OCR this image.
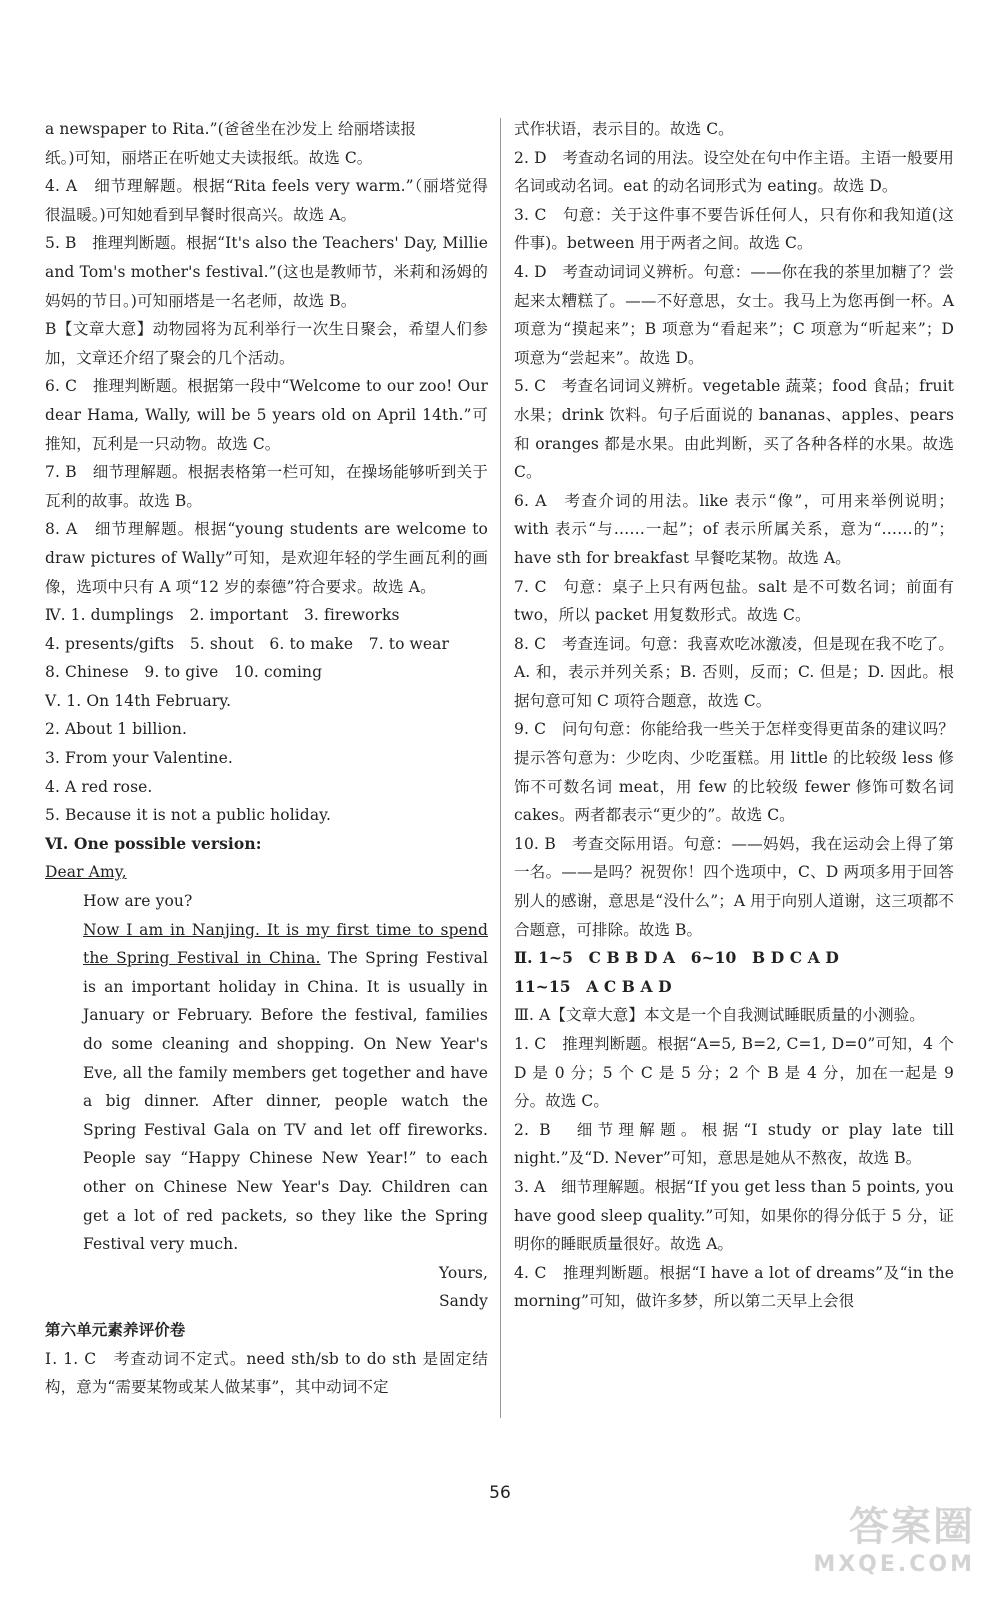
a newspaper to Rita.”(爸爸坐在沙发上 给丽塔读报

纸。)可知，丽塔正在听她丈夫读报纸。故选 C。

4. A　细节理解题。根据“Rita feels very warm.”（丽塔觉得很温暖。)可知她看到早餐时很高兴。故选 A。

5. B　推理判断题。根据“It's also the Teachers' Day, Millie and Tom's mother's festival.”(这也是教师节，米莉和汤姆的妈妈的节日。)可知丽塔是一名老师，故选 B。

B【文章大意】动物园将为瓦利举行一次生日聚会，希望人们参加，文章还介绍了聚会的几个活动。

6. C　推理判断题。根据第一段中“Welcome to our zoo! Our dear Hama, Wally, will be 5 years old on April 14th.”可推知，瓦利是一只动物。故选 C。

7. B　细节理解题。根据表格第一栏可知，在操场能够听到关于瓦利的故事。故选 B。

8. A　细节理解题。根据“young students are welcome to draw pictures of Wally”可知，是欢迎年轻的学生画瓦利的画像，选项中只有 A 项“12 岁的泰德”符合要求。故选 A。

Ⅳ. 1. dumplings　2. important　3. fireworks
4. presents/gifts　5. shout　6. to make　7. to wear
8. Chinese　9. to give　10. coming
Ⅴ. 1. On 14th February.
2. About 1 billion.
3. From your Valentine.
4. A red rose.
5. Because it is not a public holiday.
Ⅵ. One possible version:
Dear Amy,
How are you?

Now I am in Nanjing. It is my first time to spend the Spring Festival in China. The Spring Festival is an important holiday in China. It is usually in January or February. Before the festival, families do some cleaning and shopping. On New Year's Eve, all the family members get together and have a big dinner. After dinner, people watch the Spring Festival Gala on TV and let off fireworks. People say “Happy Chinese New Year!” to each other on Chinese New Year's Day. Children can get a lot of red packets, so they like the Spring Festival very much.

Yours,

Sandy

第六单元素养评价卷

Ⅰ. 1. C　考查动词不定式。need sth/sb to do sth 是固定结构，意为“需要某物或某人做某事”，其中动词不定

式作状语，表示目的。故选 C。

2. D　考查动名词的用法。设空处在句中作主语。主语一般要用名词或动名词。eat 的动名词形式为 eating。故选 D。

3. C　句意：关于这件事不要告诉任何人，只有你和我知道(这件事)。between 用于两者之间。故选 C。

4. D　考查动词词义辨析。句意：——你在我的茶里加糖了？尝起来太糟糕了。——不好意思，女士。我马上为您再倒一杯。A 项意为“摸起来”；B 项意为“看起来”；C 项意为“听起来”；D 项意为“尝起来”。故选 D。

5. C　考查名词词义辨析。vegetable 蔬菜；food 食品；fruit 水果；drink 饮料。句子后面说的 bananas、apples、pears 和 oranges 都是水果。由此判断，买了各种各样的水果。故选 C。

6. A　考查介词的用法。like 表示“像”，可用来举例说明；with 表示“与……一起”；of 表示所属关系，意为“……的”；have sth for breakfast 早餐吃某物。故选 A。

7. C　句意：桌子上只有两包盐。salt 是不可数名词；前面有 two，所以 packet 用复数形式。故选 C。

8. C　考查连词。句意：我喜欢吃冰激凌，但是现在我不吃了。A. 和，表示并列关系；B. 否则，反而；C. 但是；D. 因此。根据句意可知 C 项符合题意，故选 C。

9. C　问句句意：你能给我一些关于怎样变得更苗条的建议吗？提示答句意为：少吃肉、少吃蛋糕。用 little 的比较级 less 修饰不可数名词 meat，用 few 的比较级 fewer 修饰可数名词 cakes。两者都表示“更少的”。故选 C。

10. B　考查交际用语。句意：——妈妈，我在运动会上得了第一名。——是吗？祝贺你！四个选项中，C、D 两项多用于回答别人的感谢，意思是“没什么”；A 用于向别人道谢，这三项都不合题意，可排除。故选 B。

Ⅱ. 1~5　C B B D A　6~10　B D C A D
11~15　A C B A D

Ⅲ. A【文章大意】本文是一个自我测试睡眠质量的小测验。

1. C　推理判断题。根据“A=5, B=2, C=1, D=0”可知，4 个 D 是 0 分；5 个 C 是 5 分；2 个 B 是 4 分，加在一起是 9 分。故选 C。

2. B　细节理解题。根据“I study or play late till night.”及“D. Never”可知，意思是她从不熬夜，故选 B。

3. A　细节理解题。根据“If you get less than 5 points, you have good sleep quality.”可知，如果你的得分低于 5 分，证明你的睡眠质量很好。故选 A。

4. C　推理判断题。根据“I have a lot of dreams”及“in the morning”可知，做许多梦，所以第二天早上会很

56
答案圈
MXQE.COM
